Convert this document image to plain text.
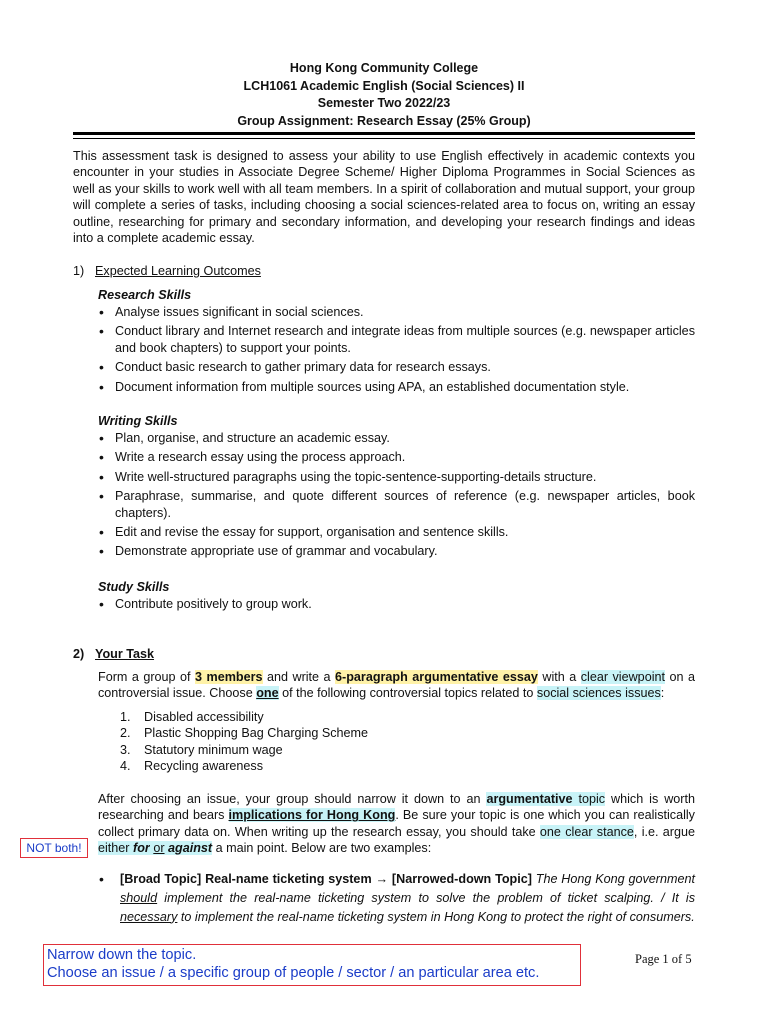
Hong Kong Community College
LCH1061 Academic English (Social Sciences) II
Semester Two 2022/23
Group Assignment: Research Essay (25% Group)
This assessment task is designed to assess your ability to use English effectively in academic contexts you encounter in your studies in Associate Degree Scheme/ Higher Diploma Programmes in Social Sciences as well as your skills to work well with all team members. In a spirit of collaboration and mutual support, your group will complete a series of tasks, including choosing a social sciences-related area to focus on, writing an essay outline, researching for primary and secondary information, and developing your research findings and ideas into a complete academic essay.
1) Expected Learning Outcomes
Research Skills
• Analyse issues significant in social sciences.
• Conduct library and Internet research and integrate ideas from multiple sources (e.g. newspaper articles and book chapters) to support your points.
• Conduct basic research to gather primary data for research essays.
• Document information from multiple sources using APA, an established documentation style.
Writing Skills
• Plan, organise, and structure an academic essay.
• Write a research essay using the process approach.
• Write well-structured paragraphs using the topic-sentence-supporting-details structure.
• Paraphrase, summarise, and quote different sources of reference (e.g. newspaper articles, book chapters).
• Edit and revise the essay for support, organisation and sentence skills.
• Demonstrate appropriate use of grammar and vocabulary.
Study Skills
• Contribute positively to group work.
2) Your Task
Form a group of 3 members and write a 6-paragraph argumentative essay with a clear viewpoint on a controversial issue. Choose one of the following controversial topics related to social sciences issues:
1. Disabled accessibility
2. Plastic Shopping Bag Charging Scheme
3. Statutory minimum wage
4. Recycling awareness
After choosing an issue, your group should narrow it down to an argumentative topic which is worth researching and bears implications for Hong Kong. Be sure your topic is one which you can realistically collect primary data on. When writing up the research essay, you should take one clear stance, i.e. argue either for or against a main point. Below are two examples:
• [Broad Topic] Real-name ticketing system → [Narrowed-down Topic] The Hong Kong government should implement the real-name ticketing system to solve the problem of ticket scalping. / It is necessary to implement the real-name ticketing system in Hong Kong to protect the right of consumers.
NOT both!
Narrow down the topic.
Choose an issue / a specific group of people / sector / an particular area etc.
Page 1 of 5
